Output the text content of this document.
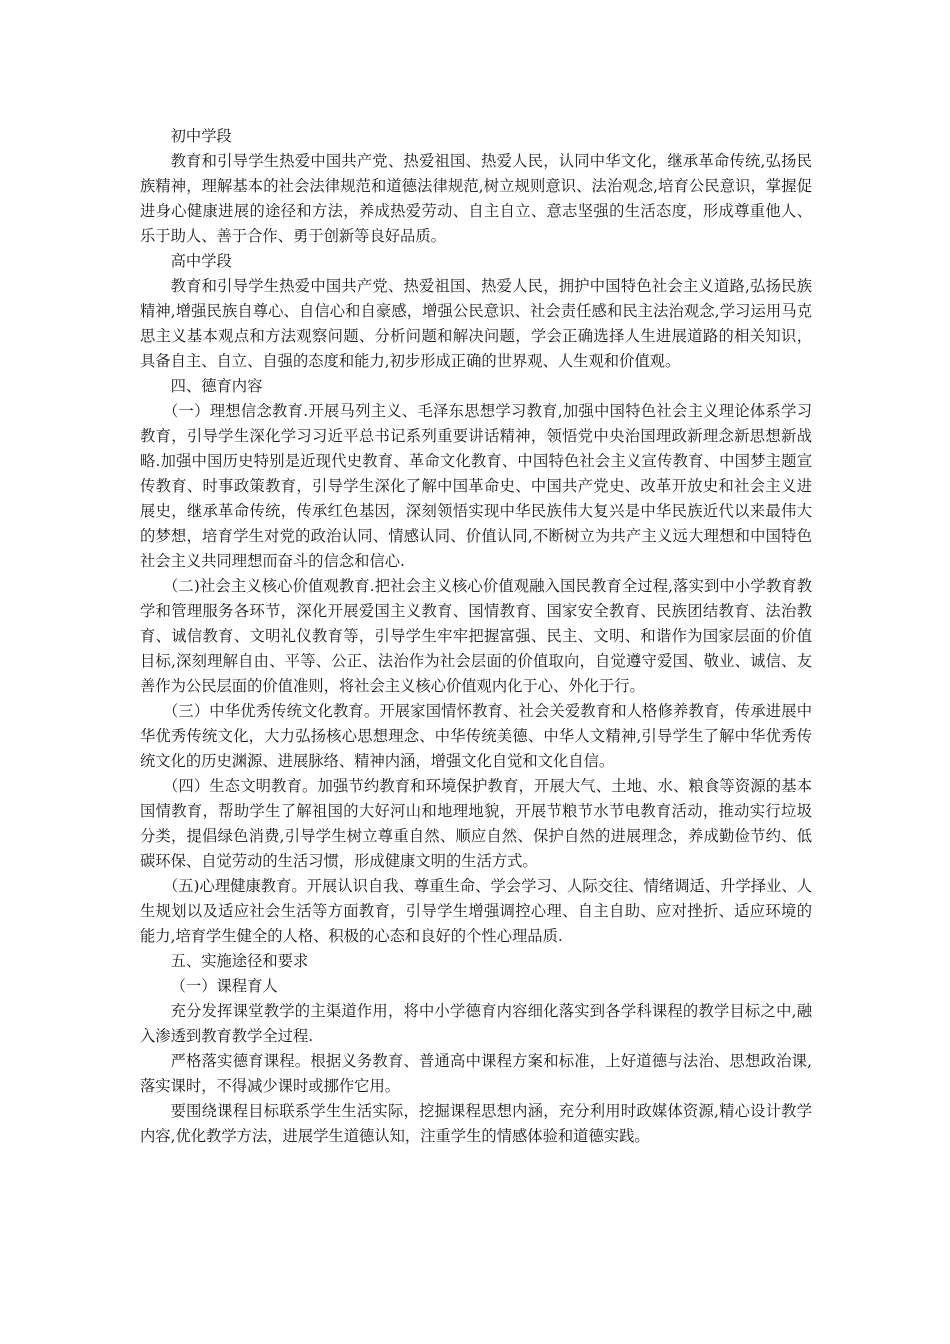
初中学段

教育和引导学生热爱中国共产党、热爱祖国、热爱人民，认同中华文化，继承革命传统,弘扬民族精神，理解基本的社会法律规范和道德法律规范,树立规则意识、法治观念,培育公民意识，掌握促进身心健康进展的途径和方法，养成热爱劳动、自主自立、意志坚强的生活态度，形成尊重他人、乐于助人、善于合作、勇于创新等良好品质。

高中学段

教育和引导学生热爱中国共产党、热爱祖国、热爱人民，拥护中国特色社会主义道路,弘扬民族精神,增强民族自尊心、自信心和自豪感，增强公民意识、社会责任感和民主法治观念,学习运用马克思主义基本观点和方法观察问题、分析问题和解决问题，学会正确选择人生进展道路的相关知识，具备自主、自立、自强的态度和能力,初步形成正确的世界观、人生观和价值观。

四、德育内容

（一）理想信念教育.开展马列主义、毛泽东思想学习教育,加强中国特色社会主义理论体系学习教育，引导学生深化学习习近平总书记系列重要讲话精神，领悟党中央治国理政新理念新思想新战略.加强中国历史特别是近现代史教育、革命文化教育、中国特色社会主义宣传教育、中国梦主题宣传教育、时事政策教育，引导学生深化了解中国革命史、中国共产党史、改革开放史和社会主义进展史，继承革命传统，传承红色基因，深刻领悟实现中华民族伟大复兴是中华民族近代以来最伟大的梦想，培育学生对党的政治认同、情感认同、价值认同,不断树立为共产主义远大理想和中国特色社会主义共同理想而奋斗的信念和信心.

（二)社会主义核心价值观教育.把社会主义核心价值观融入国民教育全过程,落实到中小学教育教学和管理服务各环节，深化开展爱国主义教育、国情教育、国家安全教育、民族团结教育、法治教育、诚信教育、文明礼仪教育等，引导学生牢牢把握富强、民主、文明、和谐作为国家层面的价值目标,深刻理解自由、平等、公正、法治作为社会层面的价值取向，自觉遵守爱国、敬业、诚信、友善作为公民层面的价值准则，将社会主义核心价值观内化于心、外化于行。

（三）中华优秀传统文化教育。开展家国情怀教育、社会关爱教育和人格修养教育，传承进展中华优秀传统文化，大力弘扬核心思想理念、中华传统美德、中华人文精神,引导学生了解中华优秀传统文化的历史渊源、进展脉络、精神内涵，增强文化自觉和文化自信。

（四）生态文明教育。加强节约教育和环境保护教育，开展大气、土地、水、粮食等资源的基本国情教育，帮助学生了解祖国的大好河山和地理地貌，开展节粮节水节电教育活动，推动实行垃圾分类，提倡绿色消费,引导学生树立尊重自然、顺应自然、保护自然的进展理念，养成勤俭节约、低碳环保、自觉劳动的生活习惯，形成健康文明的生活方式。

（五)心理健康教育。开展认识自我、尊重生命、学会学习、人际交往、情绪调适、升学择业、人生规划以及适应社会生活等方面教育，引导学生增强调控心理、自主自助、应对挫折、适应环境的能力,培育学生健全的人格、积极的心态和良好的个性心理品质.

五、实施途径和要求

（一）课程育人

充分发挥课堂教学的主渠道作用，将中小学德育内容细化落实到各学科课程的教学目标之中,融入渗透到教育教学全过程.

严格落实德育课程。根据义务教育、普通高中课程方案和标准，上好道德与法治、思想政治课,落实课时，不得减少课时或挪作它用。

要围绕课程目标联系学生生活实际，挖掘课程思想内涵，充分利用时政媒体资源,精心设计教学内容,优化教学方法，进展学生道德认知，注重学生的情感体验和道德实践。
